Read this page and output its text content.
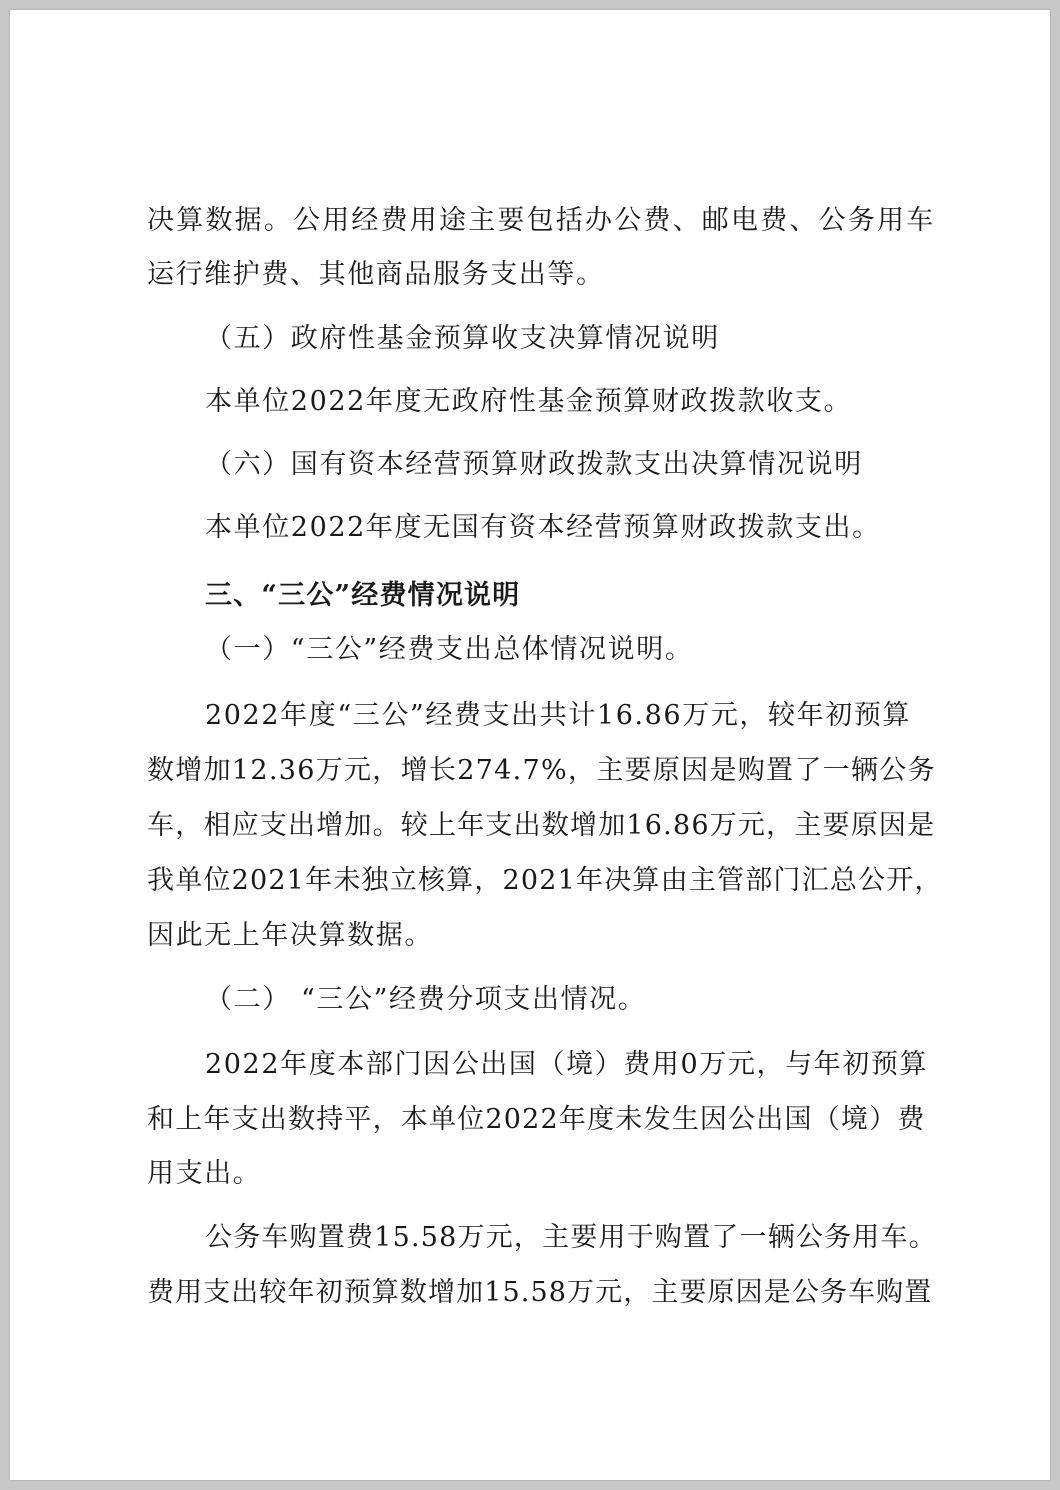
决算数据。公用经费用途主要包括办公费、邮电费、公务用车
运行维护费、其他商品服务支出等。
（五）政府性基金预算收支决算情况说明
本单位2022年度无政府性基金预算财政拨款收支。
（六）国有资本经营预算财政拨款支出决算情况说明
本单位2022年度无国有资本经营预算财政拨款支出。
三、“三公”经费情况说明
（一）“三公”经费支出总体情况说明。
2022年度“三公”经费支出共计16.86万元，较年初预算
数增加12.36万元，增长274.7%，主要原因是购置了一辆公务
车，相应支出增加。较上年支出数增加16.86万元，主要原因是
我单位2021年未独立核算，2021年决算由主管部门汇总公开，
因此无上年决算数据。
（二） “三公”经费分项支出情况。
2022年度本部门因公出国（境）费用0万元，与年初预算
和上年支出数持平，本单位2022年度未发生因公出国（境）费
用支出。
公务车购置费15.58万元，主要用于购置了一辆公务用车。
费用支出较年初预算数增加15.58万元，主要原因是公务车购置
